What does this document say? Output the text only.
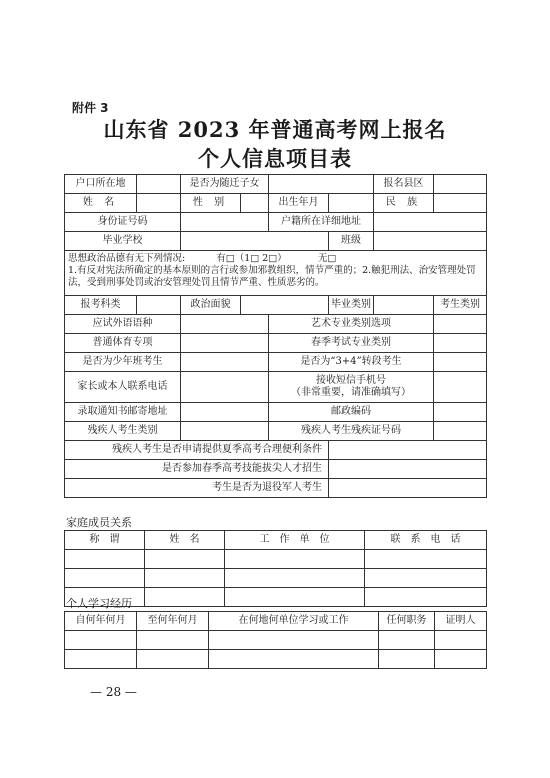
附件 3
山东省 2023 年普通高考网上报名
个人信息项目表
户口所在地		是否为随迁子女				报名县区	
姓 名		性 别		出生年月		民 族	
身份证号码				户籍所在详细地址			
毕业学校					班级		
思想政治品德有无下列情况: 有□（1□ 2□） 无□
1.有反对宪法所确定的基本原则的言行或参加邪教组织，情节严重的；2.触犯刑法、治安管理处罚法，受到刑事处罚或治安管理处罚且情节严重、性质恶劣的。							
报考科类		政治面貌			毕业类别		考生类别
应试外语语种				艺术专业类别选项			
普通体育专项				春季考试专业类别			
是否为少年班考生				是否为“3+4”转段考生			
家长或本人联系电话				接收短信手机号
（非常重要，请准确填写）			
录取通知书邮寄地址				邮政编码			
残疾人考生类别				残疾人考生残疾证号码			
残疾人考生是否申请提供夏季高考合理便利条件							
是否参加春季高考技能拔尖人才招生							
考生是否为退役军人考生							
家庭成员关系
称　谓	姓　名	工　作　单　位	联　系　电　话

个人学习经历
自何年何月	至何年何月	在何地何单位学习或工作	任何职务	证明人

— 28 —
